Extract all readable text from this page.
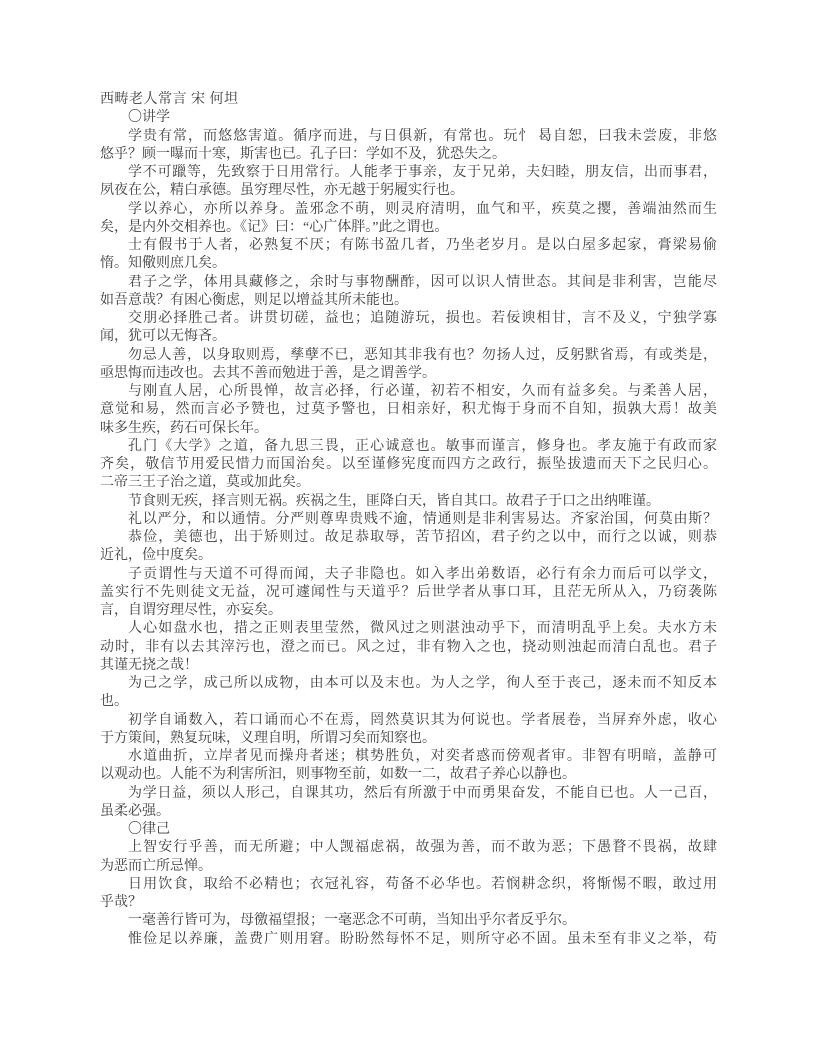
西畴老人常言 宋 何坦
〇讲学
学贵有常，而悠悠害道。循序而进，与日俱新，有常也。玩忄 曷自恕，曰我未尝废，非悠
悠乎？顾一曝而十寒，斯害也已。孔子曰：学如不及，犹恐失之。
学不可躐等，先致察于日用常行。人能孝于事亲，友于兄弟，夫妇睦，朋友信，出而事君，
夙夜在公，精白承德。虽穷理尽性，亦无越于躬履实行也。
学以养心，亦所以养身。盖邪念不萌，则灵府清明，血气和平，疾莫之撄，善端油然而生
矣，是内外交相养也。《记》曰：“心广体胖。”此之谓也。
士有假书于人者，必熟复不厌；有陈书盈几者，乃坐老岁月。是以白屋多起家，膏梁易偷
惰。知儆则庶几矣。
君子之学，体用具藏修之，余时与事物酬酢，因可以识人情世态。其间是非利害，岂能尽
如吾意哉？有困心衡虑，则足以增益其所未能也。
交朋必择胜己者。讲贯切磋，益也；追随游玩，损也。若佞谀相甘，言不及义，宁独学寡
闻，犹可以无悔吝。
勿忌人善，以身取则焉，孳孽不已，恶知其非我有也？勿扬人过，反躬默省焉，有或类是，
亟思悔而违改也。去其不善而勉进于善，是之谓善学。
与刚直人居，心所畏惮，故言必择，行必谨，初若不相安，久而有益多矣。与柔善人居，
意觉和易，然而言必予赞也，过莫予警也，日相亲好，积尤悔于身而不自知，损孰大焉！故美
味多生疾，药石可保长年。
孔门《大学》之道，备九思三畏，正心诚意也。敏事而谨言，修身也。孝友施于有政而家
齐矣，敬信节用爱民惜力而国治矣。以至谨修宪度而四方之政行，振坠拔遗而天下之民归心。
二帝三王子治之道，莫或加此矣。
节食则无疾，择言则无祸。疾祸之生，匪降白天，皆自其口。故君子于口之出纳唯谨。
礼以严分，和以通情。分严则尊卑贵贱不逾，情通则是非利害易达。齐家治国，何莫由斯？
恭俭，美德也，出于矫则过。故足恭取辱，苦节招凶，君子约之以中，而行之以诚，则恭
近礼，俭中度矣。
子贡谓性与天道不可得而闻，夫子非隐也。如入孝出弟数语，必行有余力而后可以学文，
盖实行不先则徒文无益，况可遽闻性与天道乎？后世学者从事口耳，且茫无所从入，乃窃袭陈
言，自谓穷理尽性，亦妄矣。
人心如盘水也，措之正则表里莹然，微风过之则湛浊动乎下，而清明乱乎上矣。夫水方未
动时，非有以去其滓污也，澄之而已。风之过，非有物入之也，挠动则浊起而清白乱也。君子
其谨无挠之哉！
为己之学，成己所以成物，由本可以及末也。为人之学，徇人至于丧己，逐未而不知反本
也。
初学自诵数入，若口诵而心不在焉，罔然莫识其为何说也。学者展卷，当屏弃外虑，收心
于方策间，熟复玩味，义理自明，所谓习矣而知察也。
水道曲折，立岸者见而操舟者迷；棋势胜负，对奕者惑而傍观者审。非智有明暗，盖静可
以观动也。人能不为利害所汩，则事物至前，如数一二，故君子养心以静也。
为学日益，须以人形己，自课其功，然后有所激于中而勇果奋发，不能自已也。人一己百，
虽柔必强。
〇律己
上智安行乎善，而无所避；中人觊福虑祸，故强为善，而不敢为恶；下愚瞀不畏祸，故肆
为恶而亡所忌惮。
日用饮食，取给不必精也；衣冠礼容，苟备不必华也。若悯耕念织，将惭惕不暇，敢过用
乎哉？
一毫善行皆可为，母徼福望报；一毫恶念不可萌，当知出乎尔者反乎尔。
惟俭足以养廉，盖费广则用窘。盼盼然每怀不足，则所守必不固。虽未至有非义之举，苟
